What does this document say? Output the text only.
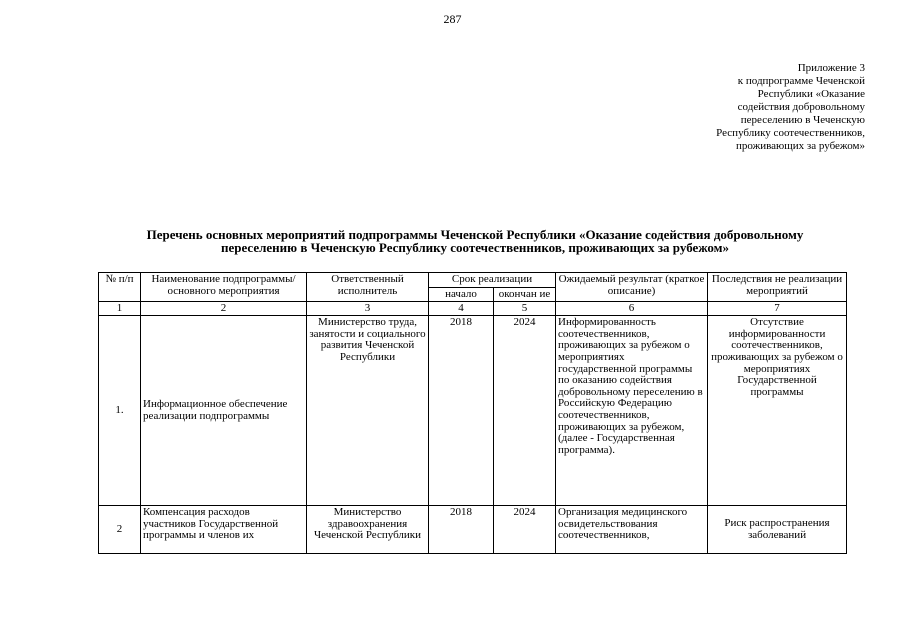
287
Приложение 3
к подпрограмме Чеченской
Республики «Оказание
содействия добровольному
переселению в Чеченскую
Республику соотечественников,
проживающих за рубежом»
Перечень основных мероприятий подпрограммы Чеченской Республики «Оказание содействия добровольному
переселению в Чеченскую Республику соотечественников, проживающих за рубежом»
№ п/п	Наименование подпрограммы/ основного мероприятия	Ответственный исполнитель	Срок реализации		Ожидаемый результат (краткое описание)	Последствия не реализации мероприятий
			начало	окончан ие		
1	2	3	4	5	6	7
1.	Информационное обеспечение реализации подпрограммы	Министерство труда, занятости и социального развития Чеченской Республики	2018	2024	Информированность соотечественников, проживающих за рубежом о мероприятиях государственной программы по оказанию содействия добровольному переселению в Российскую Федерацию соотечественников, проживающих за рубежом, (далее - Государственная программа).	Отсутствие информированности соотечественников, проживающих за рубежом о мероприятиях Государственной программы
2	Компенсация расходов участников Государственной программы и членов их	Министерство здравоохранения Чеченской Республики	2018	2024	Организация медицинского освидетельствования соотечественников,	Риск распространения заболеваний
